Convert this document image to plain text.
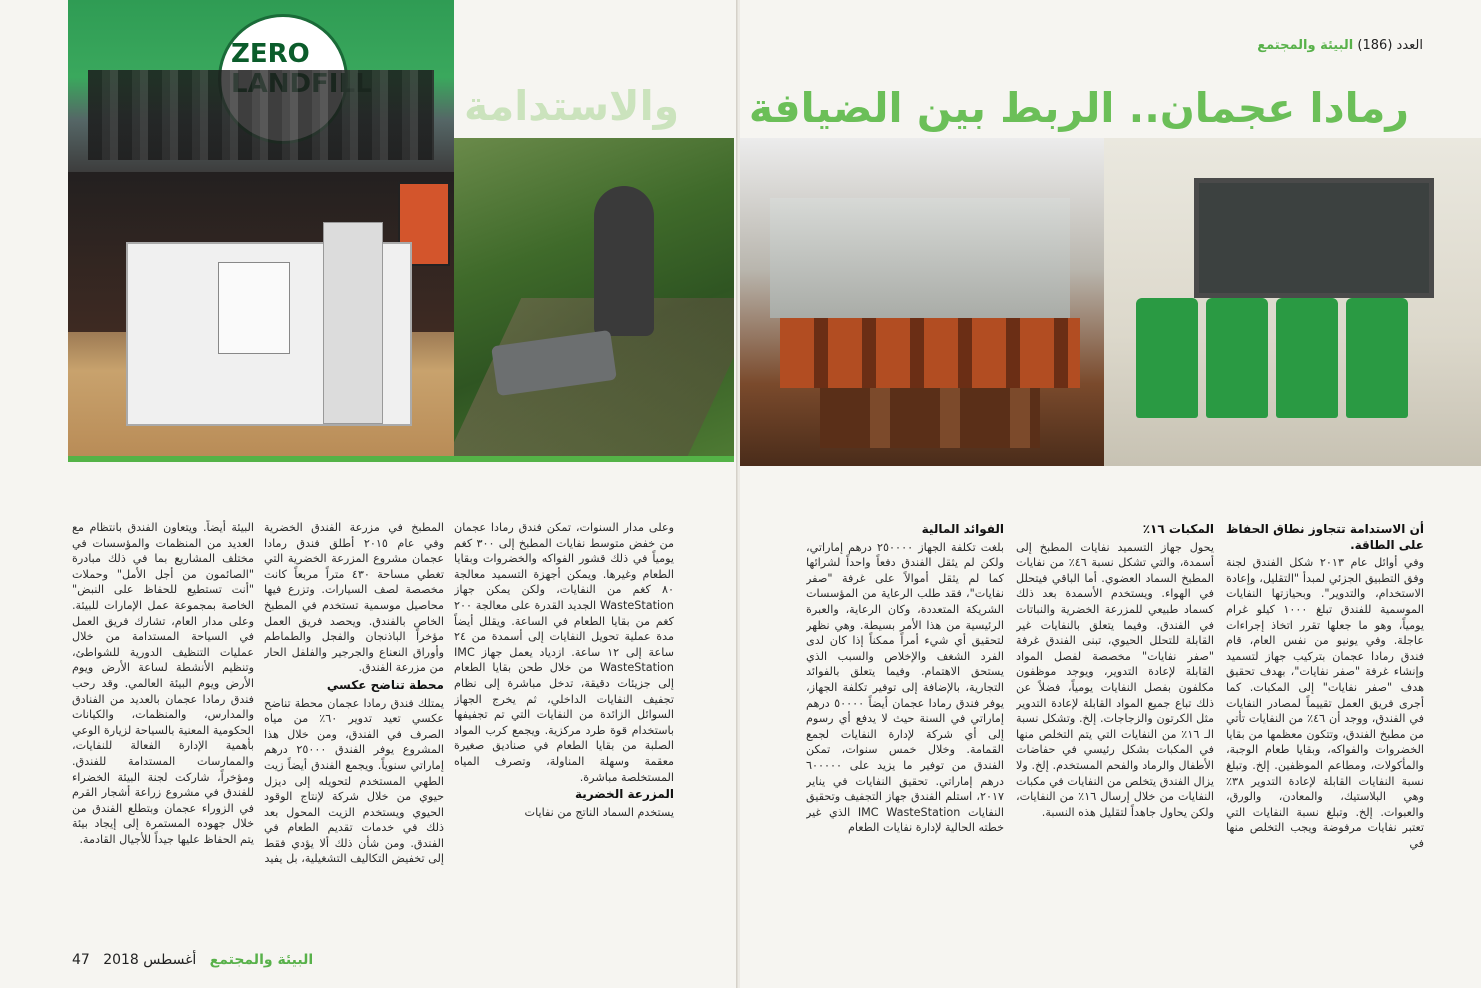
ZERO
والاستدامة

وعلى مدار السنوات، تمكن فندق رمادا عجمان من خفض متوسط نفايات المطبخ إلى ٣٠٠ كغم يومياً في ذلك قشور الفواكه والخضروات وبقايا الطعام وغيرها. ويمكن أجهزة التسميد معالجة ٨٠ كغم من النفايات، ولكن يمكن جهاز WasteStation الجديد القدرة على معالجة ٢٠٠ كغم من بقايا الطعام في الساعة. ويقلل أيضاً مدة عملية تحويل النفايات إلى أسمدة من ٢٤ ساعة إلى ١٢ ساعة. ازدياد يعمل جهاز IMC WasteStation من خلال طحن بقايا الطعام إلى جزيئات دقيقة، تدخل مباشرة إلى نظام تجفيف النفايات الداخلي، ثم يخرج الجهاز السوائل الزائدة من النفايات التي تم تجفيفها باستخدام قوة طرد مركزية. ويجمع كرب المواد الصلبة من بقايا الطعام في صناديق صغيرة معقمة وسهلة المناولة، وتصرف المياه المستخلصة مباشرة.

المزرعة الخضرية

يستخدم السماد الناتج من نفايات

المطبخ في مزرعة الفندق الخضرية وفي عام ٢٠١٥ أطلق فندق رمادا عجمان مشروع المزرعة الخضرية التي تغطي مساحة ٤٣٠ متراً مربعاً كانت مخصصة لصف السيارات. وتزرع فيها محاصيل موسمية تستخدم في المطبخ الخاص بالفندق. ويحصد فريق العمل مؤخراً الباذنجان والفجل والطماطم وأوراق النعناع والجرجير والفلفل الحار من مزرعة الفندق.

محطة تناضح عكسي

يمتلك فندق رمادا عجمان محطة تناضح عكسي تعيد تدوير ٦٠٪ من مياه الصرف في الفندق، ومن خلال هذا المشروع يوفر الفندق ٢٥٠٠٠ درهم إماراتي سنوياً. ويجمع الفندق أيضاً زيت الطهي المستخدم لتحويله إلى ديزل حيوي من خلال شركة لإنتاج الوقود الحيوي ويستخدم الزيت المحول بعد ذلك في خدمات تقديم الطعام في الفندق. ومن شأن ذلك ألا يؤدي فقط إلى تخفيض التكاليف التشغيلية، بل يفيد

البيئة أيضاً. ويتعاون الفندق بانتظام مع العديد من المنظمات والمؤسسات في مختلف المشاريع بما في ذلك مبادرة "الصائمون من أجل الأمل" وحملات "أنت تستطيع للحفاظ على النبض" الخاصة بمجموعة عمل الإمارات للبيئة. وعلى مدار العام، تشارك فريق العمل في السياحة المستدامة من خلال عمليات التنظيف الدورية للشواطئ، وتنظيم الأنشطة لساعة الأرض ويوم الأرض ويوم البيئة العالمي. وقد رحب فندق رمادا عجمان بالعديد من الفنادق والمدارس، والمنظمات، والكيانات الحكومية المعنية بالسياحة لزيارة الوعي بأهمية الإدارة الفعالة للنفايات، والممارسات المستدامة للفندق. ومؤخراً، شاركت لجنة البيئة الخضراء للفندق في مشروع زراعة أشجار القرم في الزوراء عجمان وبتطلع الفندق من خلال جهوده المستمرة إلى إيجاد بيئة يتم الحفاظ عليها جيداً للأجيال القادمة.

47	البيئة والمجتمع   أغسطس 2018
العدد (186) البيئة والمجتمع
رمادا عجمان.. الربط بين الضيافة

أن الاستدامة تتجاوز نطاق الحفاظ على الطاقة.

وفي أوائل عام ٢٠١٣ شكل الفندق لجنة وفق التطبيق الجزئي لمبدأ "التقليل، وإعادة الاستخدام، والتدوير". وبحيازتها النفايات الموسمية للفندق تبلغ ١٠٠٠ كيلو غرام يومياً، وهو ما جعلها تقرر اتخاذ إجراءات عاجلة. وفي يونيو من نفس العام، قام فندق رمادا عجمان بتركيب جهاز لتسميد وإنشاء غرفة "صفر نفايات"، بهدف تحقيق هدف "صفر نفايات" إلى المكبات. كما أجرى فريق العمل تقييماً لمصادر النفايات في الفندق، ووجد أن ٤٦٪ من النفايات تأتي من مطبخ الفندق، وتتكون معظمها من بقايا الخضروات والفواكه، وبقايا طعام الوجبة، والمأكولات، ومطاعم الموظفين. إلخ. وتبلغ نسبة النفايات القابلة لإعادة التدوير ٣٨٪ وهي البلاستيك، والمعادن، والورق، والعبوات. إلخ. وتبلغ نسبة النفايات التي تعتبر نفايات مرفوضة ويجب التخلص منها في

المكبات ١٦٪

يحول جهاز التسميد نفايات المطبخ إلى أسمدة، والتي تشكل نسبة ٤٦٪ من نفايات المطبخ السماد العضوي. أما الباقي فيتحلل في الهواء. ويستخدم الأسمدة بعد ذلك كسماد طبيعي للمزرعة الخضرية والنباتات في الفندق. وفيما يتعلق بالنفايات غير القابلة للتحلل الحيوي، تبنى الفندق غرفة "صفر نفايات" مخصصة لفصل المواد القابلة لإعادة التدوير، ويوجد موظفون مكلفون بفصل النفايات يومياً، فضلاً عن ذلك تباع جميع المواد القابلة لإعادة التدوير مثل الكرتون والزجاجات. إلخ. وتشكل نسبة الـ ١٦٪ من النفايات التي يتم التخلص منها في المكبات بشكل رئيسي في حفاضات الأطفال والرماد والفحم المستخدم. إلخ. ولا يزال الفندق يتخلص من النفايات في مكبات النفايات من خلال إرسال ١٦٪ من النفايات، ولكن يحاول جاهداً لتقليل هذه النسبة.

الفوائد المالية

بلغت تكلفة الجهاز ٢٥٠٠٠٠ درهم إماراتي، ولكن لم يثقل الفندق دفعاً واحداً لشرائها كما لم يثقل أموالاً على غرفة "صفر نفايات"، فقد طلب الرعاية من المؤسسات الشريكة المتعددة، وكان الرعاية، والعبرة الرئيسية من هذا الأمر بسيطة. وهي نظهر لتحقيق أي شيء أمراً ممكناً إذا كان لدى الفرد الشغف والإخلاص والسبب الذي يستحق الاهتمام. وفيما يتعلق بالفوائد التجارية، بالإضافة إلى توفير تكلفة الجهاز، يوفر فندق رمادا عجمان أيضاً ٥٠٠٠٠ درهم إماراتي في السنة حيث لا يدفع أي رسوم إلى أي شركة لإدارة النفايات لجمع القمامة. وخلال خمس سنوات، تمكن الفندق من توفير ما يزيد على ٦٠٠٠٠٠ درهم إماراتي. تحقيق النفايات في يناير ٢٠١٧، استلم الفندق جهاز التجفيف وتحقيق النفايات IMC WasteStation الذي غير خطته الحالية لإدارة نفايات الطعام
